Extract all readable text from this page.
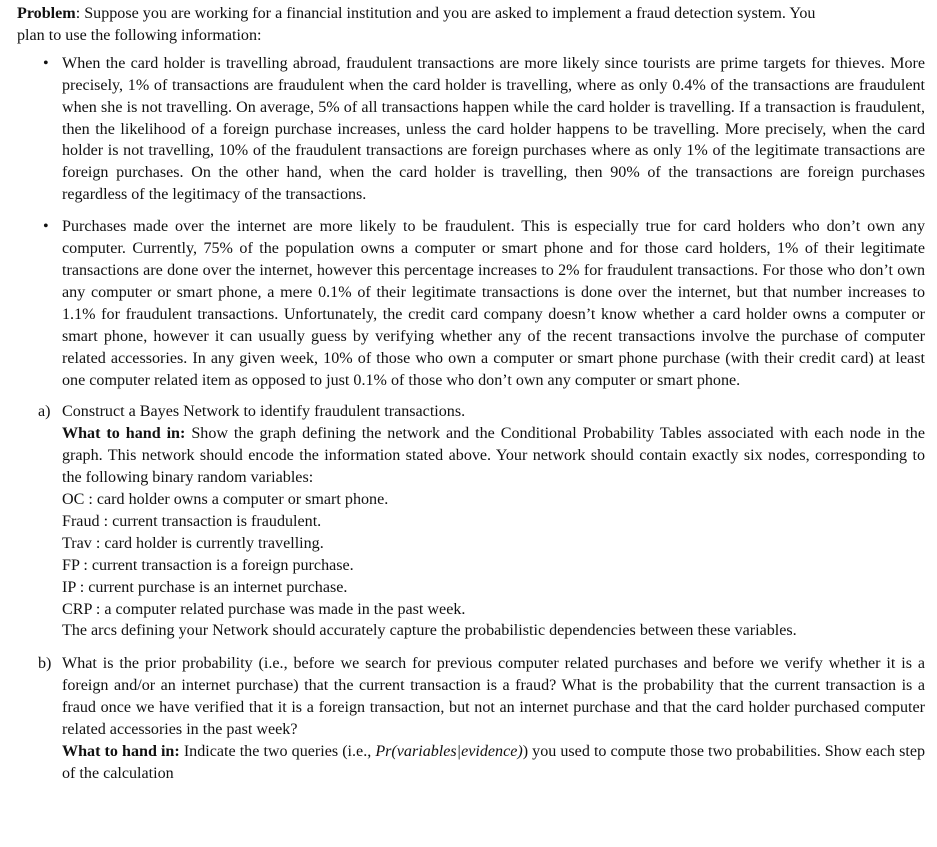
Problem: Suppose you are working for a financial institution and you are asked to implement a fraud detection system. You plan to use the following information:

• When the card holder is travelling abroad, fraudulent transactions are more likely since tourists are prime targets for thieves. More precisely, 1% of transactions are fraudulent when the card holder is travelling, where as only 0.4% of the transactions are fraudulent when she is not travelling. On average, 5% of all transactions happen while the card holder is travelling. If a transaction is fraudulent, then the likelihood of a foreign purchase increases, unless the card holder happens to be travelling. More precisely, when the card holder is not travelling, 10% of the fraudulent transactions are foreign purchases where as only 1% of the legitimate transactions are foreign purchases. On the other hand, when the card holder is travelling, then 90% of the transactions are foreign purchases regardless of the legitimacy of the transactions.
• Purchases made over the internet are more likely to be fraudulent. This is especially true for card holders who don’t own any computer. Currently, 75% of the population owns a computer or smart phone and for those card holders, 1% of their legitimate transactions are done over the internet, however this percentage increases to 2% for fraudulent transactions. For those who don’t own any computer or smart phone, a mere 0.1% of their legitimate transactions is done over the internet, but that number increases to 1.1% for fraudulent transactions. Unfortunately, the credit card company doesn’t know whether a card holder owns a computer or smart phone, however it can usually guess by verifying whether any of the recent transactions involve the purchase of computer related accessories. In any given week, 10% of those who own a computer or smart phone purchase (with their credit card) at least one computer related item as opposed to just 0.1% of those who don’t own any computer or smart phone.
a) Construct a Bayes Network to identify fraudulent transactions.
What to hand in: Show the graph defining the network and the Conditional Probability Tables associated with each node in the graph. This network should encode the information stated above. Your network should contain exactly six nodes, corresponding to the following binary random variables:
OC : card holder owns a computer or smart phone.
Fraud : current transaction is fraudulent.
Trav : card holder is currently travelling.
FP : current transaction is a foreign purchase.
IP : current purchase is an internet purchase.
CRP : a computer related purchase was made in the past week.
The arcs defining your Network should accurately capture the probabilistic dependencies between these variables.
b) What is the prior probability (i.e., before we search for previous computer related purchases and before we verify whether it is a foreign and/or an internet purchase) that the current transaction is a fraud? What is the probability that the current transaction is a fraud once we have verified that it is a foreign transaction, but not an internet purchase and that the card holder purchased computer related accessories in the past week?
What to hand in: Indicate the two queries (i.e., Pr(variables|evidence)) you used to compute those two probabilities. Show each step of the calculation
